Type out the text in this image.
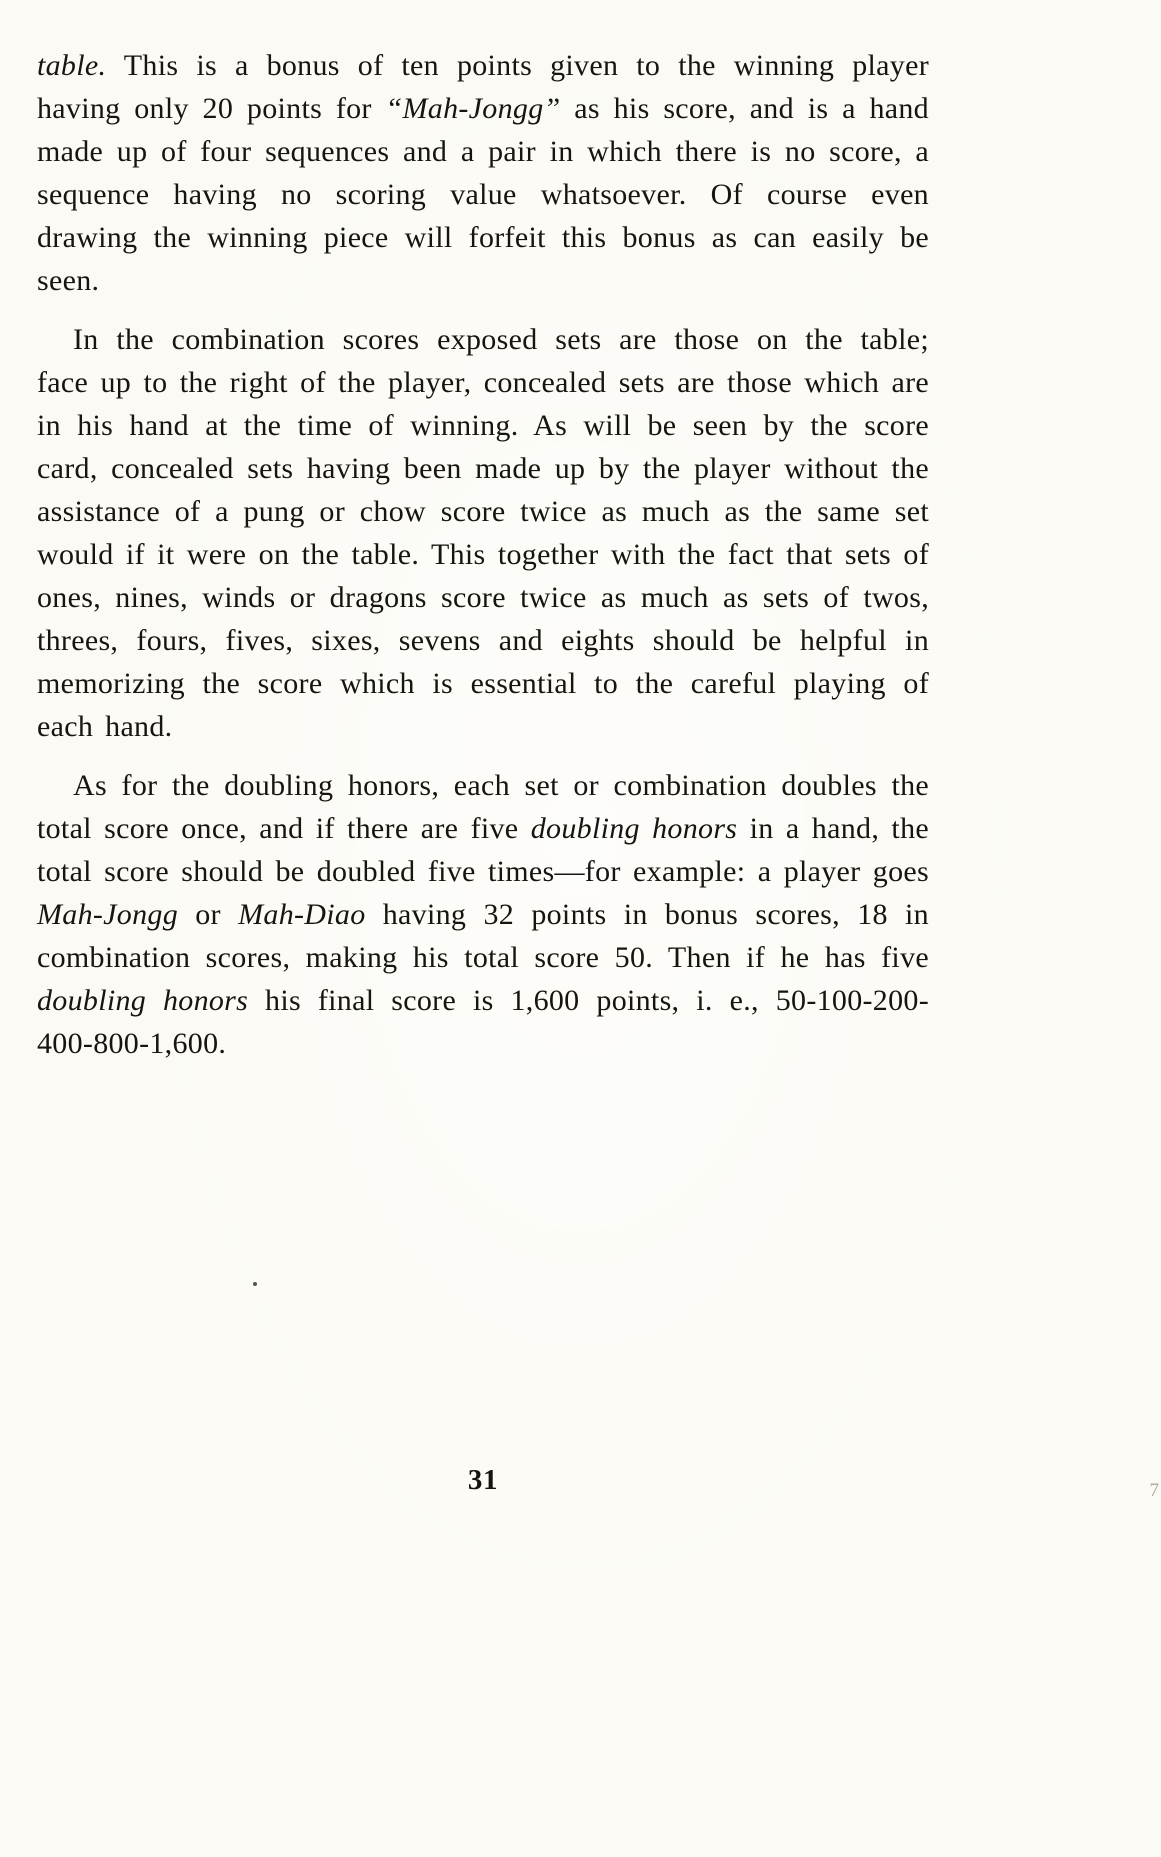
table. This is a bonus of ten points given to the winning player having only 20 points for “Mah-Jongg” as his score, and is a hand made up of four sequences and a pair in which there is no score, a sequence having no scoring value whatsoever. Of course even drawing the winning piece will forfeit this bonus as can easily be seen.

In the combination scores exposed sets are those on the table; face up to the right of the player, concealed sets are those which are in his hand at the time of winning. As will be seen by the score card, concealed sets having been made up by the player without the assistance of a pung or chow score twice as much as the same set would if it were on the table. This together with the fact that sets of ones, nines, winds or dragons score twice as much as sets of twos, threes, fours, fives, sixes, sevens and eights should be helpful in memorizing the score which is essential to the careful playing of each hand.

As for the doubling honors, each set or combination doubles the total score once, and if there are five doubling honors in a hand, the total score should be doubled five times—for example: a player goes Mah-Jongg or Mah-Diao having 32 points in bonus scores, 18 in combination scores, making his total score 50. Then if he has five doubling honors his final score is 1,600 points, i. e., 50-100-200-400-800-1,600.

31	7
